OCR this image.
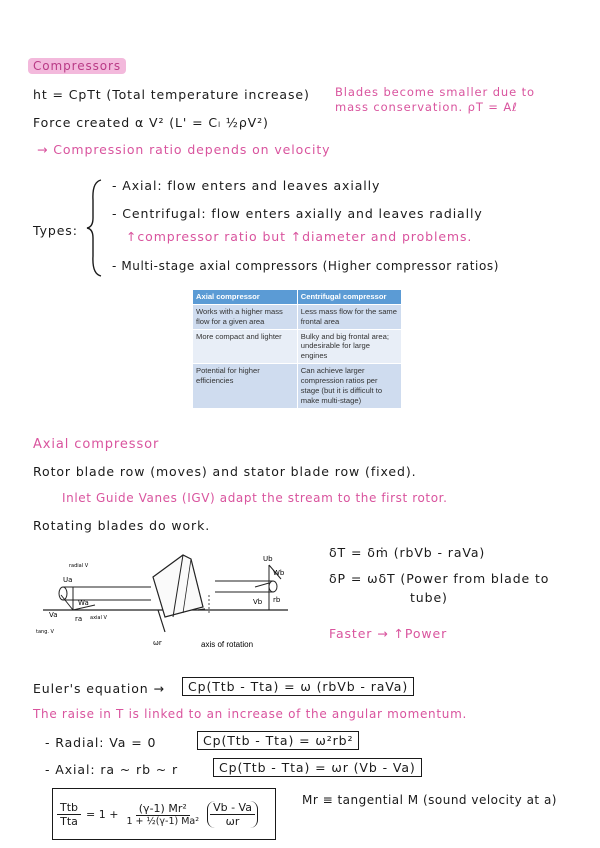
Compressors
ht = CpTt (Total temperature increase) Blades become smaller due to
mass conservation. ρT = Aℓ
Force created α V² (L' = Cₗ ½ρV²)
→ Compression ratio depends on velocity
Types:
- Axial: flow enters and leaves axially
- Centrifugal: flow enters axially and leaves radially
↑compressor ratio but ↑diameter and problems.
- Multi-stage axial compressors (Higher compressor ratios)
Axial compressor	Centrifugal compressor
Works with a higher mass flow for a given area	Less mass flow for the same frontal area
More compact and lighter	Bulky and big frontal area; undesirable for large engines
Potential for higher efficiencies	Can achieve larger compression ratios per stage (but it is difficult to make multi-stage)
Axial compressor
Rotor blade row (moves) and stator blade row (fixed).
Inlet Guide Vanes (IGV) adapt the stream to the first rotor.
Rotating blades do work.
Ua
Va
Wa
ra
Ub
Wb
Vb rb
ωr
radial V
axial V
tang. V
axis of rotation
δT = δṁ (rbVb - raVa)
δP = ωδT (Power from blade to
tube)
Faster → ↑Power
Euler's equation →	Cp(Ttb - Tta) = ω (rbVb - raVa)
The raise in T is linked to an increase of the angular momentum.
- Radial: Va = 0	Cp(Ttb - Tta) = ω²rb²
- Axial: ra ~ rb ~ r	Cp(Ttb - Tta) = ωr (Vb - Va)
$\frac{\text{Ttb}}{\text{Tta}} = 1 + \frac{\text{(γ-1) Mr²}}{\text{1 + ½(γ-1) Ma²}} \frac{Vb - Va}{\omega r}$
Mr ≡ tangential M (sound velocity at a)
